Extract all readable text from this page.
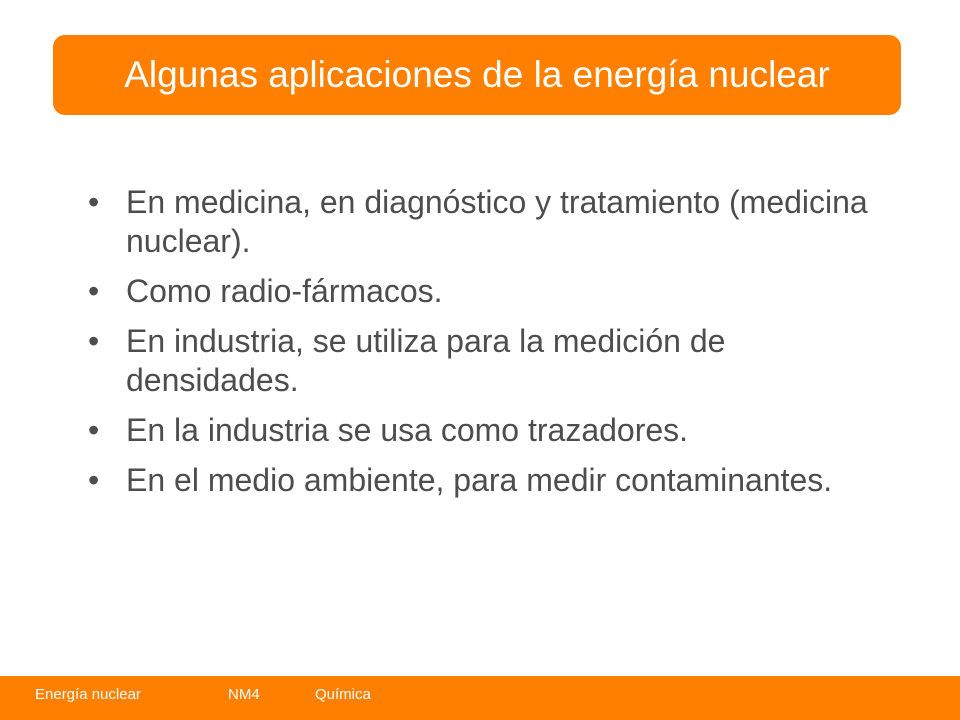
Algunas aplicaciones de la energía nuclear
• En medicina, en diagnóstico y tratamiento (medicina nuclear).
• Como radio-fármacos.
• En industria, se utiliza para la medición de densidades.
• En la industria se usa como trazadores.
• En el medio ambiente, para medir contaminantes.
Energía nuclear	NM4	Química
